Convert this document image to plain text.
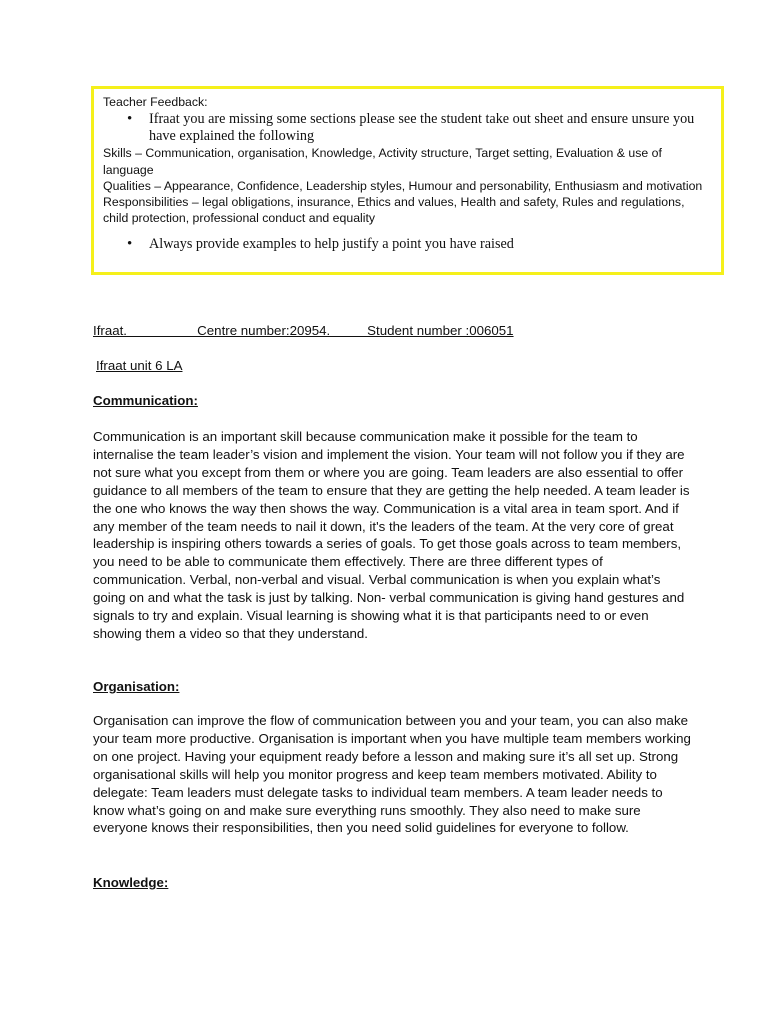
Teacher Feedback:

• Ifraat you are missing some sections please see the student take out sheet and ensure unsure you have explained the following

Skills – Communication, organisation, Knowledge, Activity structure, Target setting, Evaluation & use of language

Qualities – Appearance, Confidence, Leadership styles, Humour and personability, Enthusiasm and motivation

Responsibilities – legal obligations, insurance, Ethics and values, Health and safety, Rules and regulations, child protection, professional conduct and equality

• Always provide examples to help justify a point you have raised
Ifraat.                   Centre number:20954.          Student number :006051
Ifraat unit 6 LA
Communication:

Communication is an important skill because communication make it possible for the team to internalise the team leader’s vision and implement the vision. Your team will not follow you if they are not sure what you except from them or where you are going. Team leaders are also essential to offer guidance to all members of the team to ensure that they are getting the help needed. A team leader is the one who knows the way then shows the way. Communication is a vital area in team sport. And if any member of the team needs to nail it down, it's the leaders of the team. At the very core of great leadership is inspiring others towards a series of goals. To get those goals across to team members, you need to be able to communicate them effectively. There are three different types of communication. Verbal, non-verbal and visual. Verbal communication is when you explain what’s going on and what the task is just by talking. Non- verbal communication is giving hand gestures and signals to try and explain. Visual learning is showing what it is that participants need to or even showing them a video so that they understand.

Organisation:

Organisation can improve the flow of communication between you and your team, you can also make your team more productive. Organisation is important when you have multiple team members working on one project. Having your equipment ready before a lesson and making sure it’s all set up. Strong organisational skills will help you monitor progress and keep team members motivated. Ability to delegate: Team leaders must delegate tasks to individual team members. A team leader needs to know what’s going on and make sure everything runs smoothly. They also need to make sure everyone knows their responsibilities, then you need solid guidelines for everyone to follow.

Knowledge:
